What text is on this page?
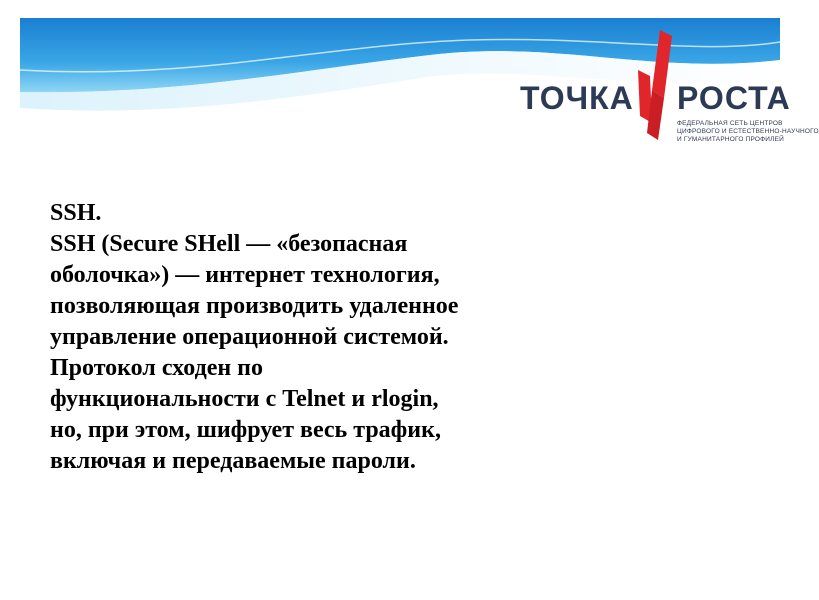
ТОЧКА РОСТА
ФЕДЕРАЛЬНАЯ СЕТЬ ЦЕНТРОВ
ЦИФРОВОГО И ЕСТЕСТВЕННО-НАУЧНОГО
И ГУМАНИТАРНОГО ПРОФИЛЕЙ
SSH.
SSH (Secure SHell — «безопасная
оболочка») — интернет технология,
позволяющая производить удаленное
управление операционной системой.
Протокол сходен по
функциональности с Telnet и rlogin,
но, при этом, шифрует весь трафик,
включая и передаваемые пароли.
